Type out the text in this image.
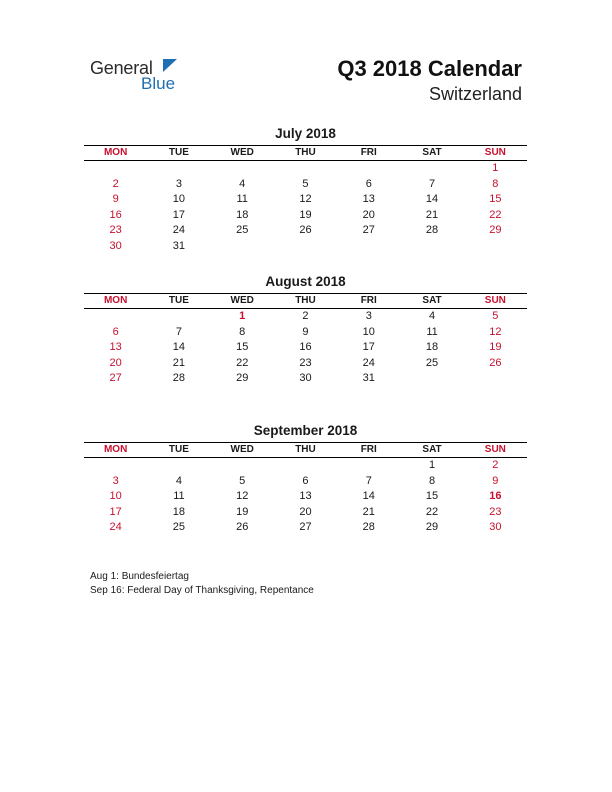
General
Blue
Q3 2018 Calendar
Switzerland
July 2018
MON	TUE	WED	THU	FRI	SAT	SUN
						1
2	3	4	5	6	7	8
9	10	11	12	13	14	15
16	17	18	19	20	21	22
23	24	25	26	27	28	29
30	31					
August 2018
MON	TUE	WED	THU	FRI	SAT	SUN
		1	2	3	4	5
6	7	8	9	10	11	12
13	14	15	16	17	18	19
20	21	22	23	24	25	26
27	28	29	30	31		
September 2018
MON	TUE	WED	THU	FRI	SAT	SUN
					1	2
3	4	5	6	7	8	9
10	11	12	13	14	15	16
17	18	19	20	21	22	23
24	25	26	27	28	29	30
Aug 1: Bundesfeiertag
Sep 16: Federal Day of Thanksgiving, Repentance
